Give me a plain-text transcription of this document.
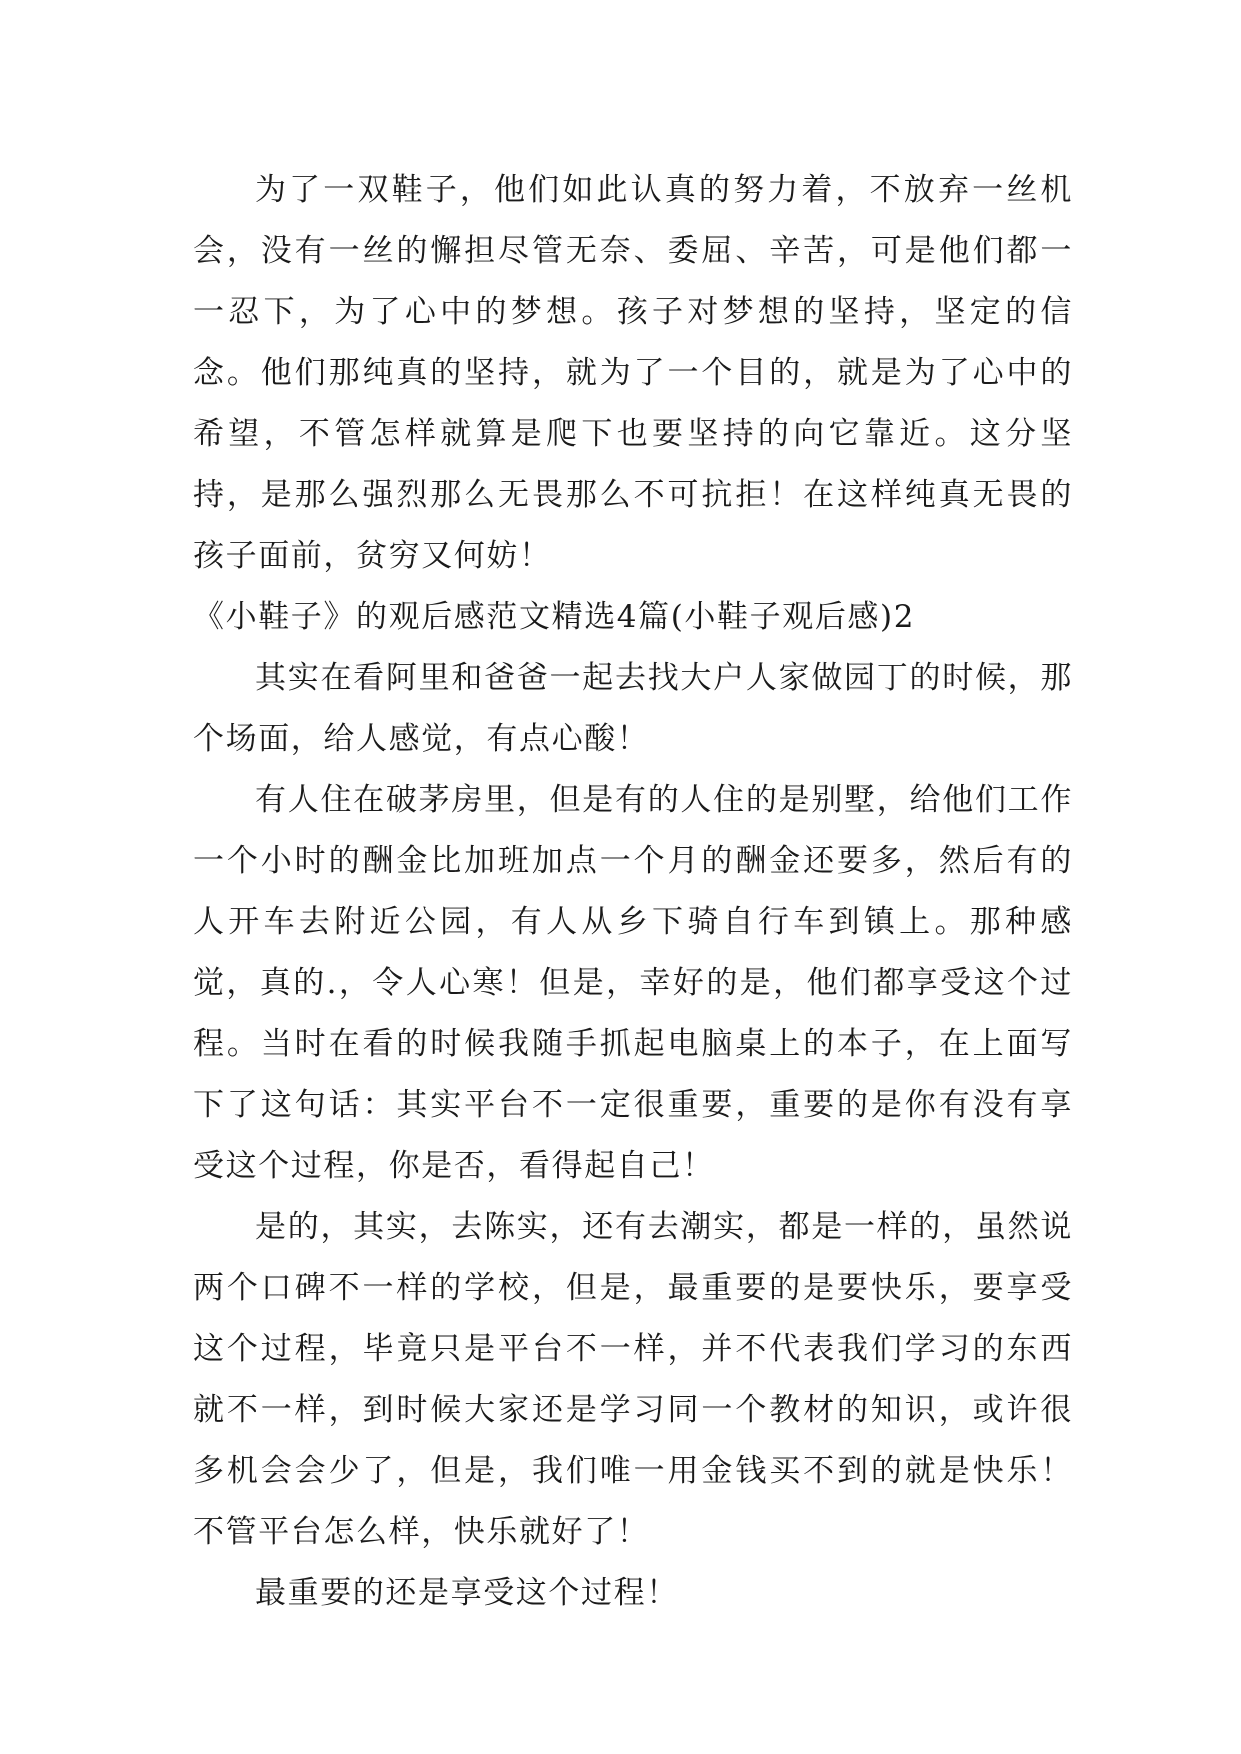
为了一双鞋子，他们如此认真的努力着，不放弃一丝机会，没有一丝的懈担尽管无奈、委屈、辛苦，可是他们都一一忍下，为了心中的梦想。孩子对梦想的坚持，坚定的信念。他们那纯真的坚持，就为了一个目的，就是为了心中的希望，不管怎样就算是爬下也要坚持的向它靠近。这分坚持，是那么强烈那么无畏那么不可抗拒！在这样纯真无畏的孩子面前，贫穷又何妨！

《小鞋子》的观后感范文精选4篇(小鞋子观后感)2

其实在看阿里和爸爸一起去找大户人家做园丁的时候，那个场面，给人感觉，有点心酸！

有人住在破茅房里，但是有的人住的是别墅，给他们工作一个小时的酬金比加班加点一个月的酬金还要多，然后有的人开车去附近公园，有人从乡下骑自行车到镇上。那种感觉，真的.，令人心寒！但是，幸好的是，他们都享受这个过程。当时在看的时候我随手抓起电脑桌上的本子，在上面写下了这句话：其实平台不一定很重要，重要的是你有没有享受这个过程，你是否，看得起自己！

是的，其实，去陈实，还有去潮实，都是一样的，虽然说两个口碑不一样的学校，但是，最重要的是要快乐，要享受这个过程，毕竟只是平台不一样，并不代表我们学习的东西就不一样，到时候大家还是学习同一个教材的知识，或许很多机会会少了，但是，我们唯一用金钱买不到的就是快乐！不管平台怎么样，快乐就好了！

最重要的还是享受这个过程！
